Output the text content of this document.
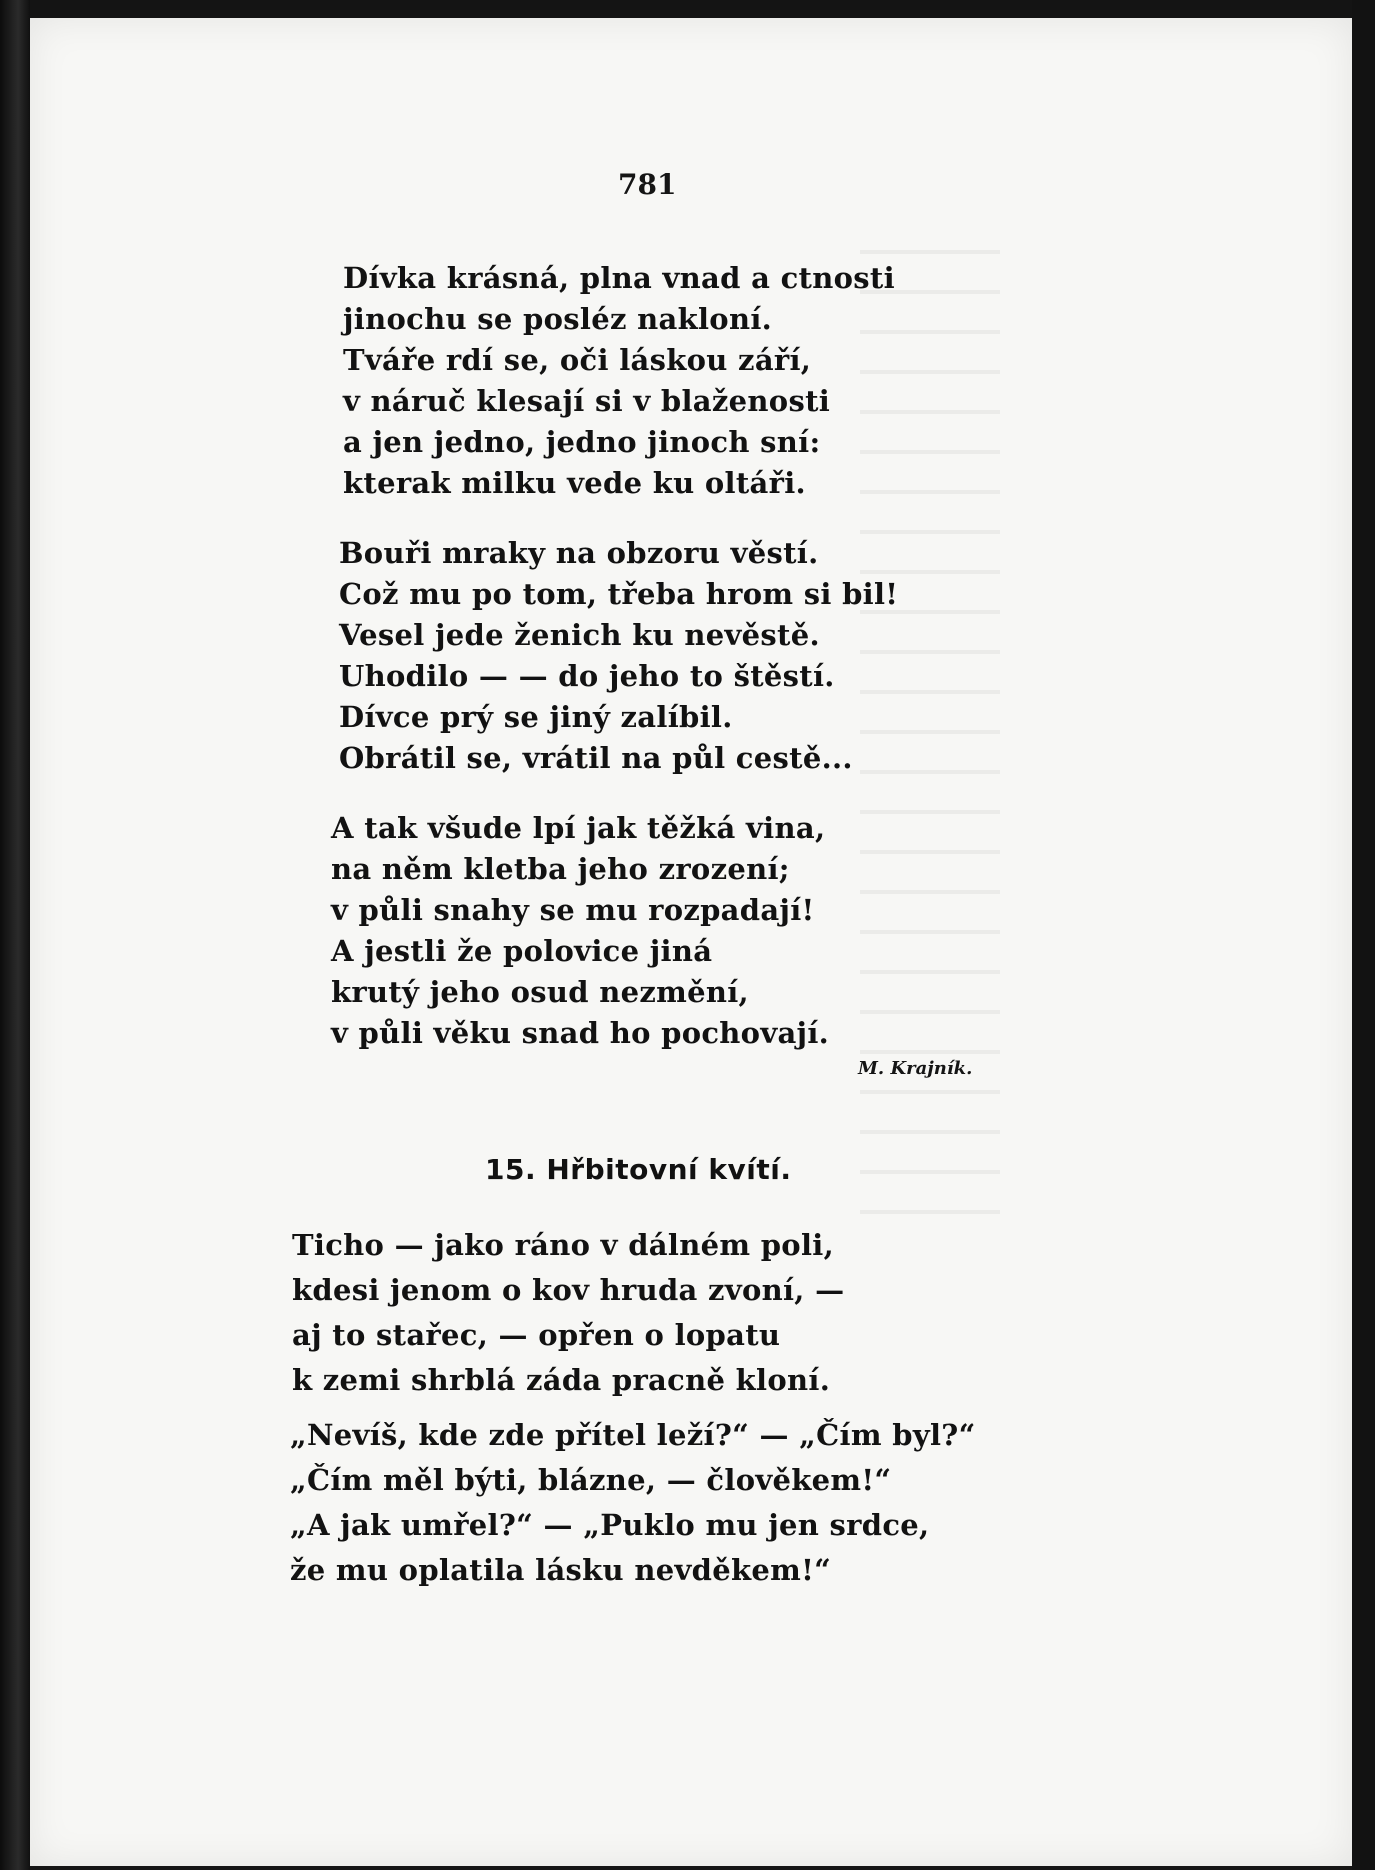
781
Dívka krásná, plna vnad a ctnosti
jinochu se posléz nakloní.
Tváře rdí se, oči láskou září,
v náruč klesají si v blaženosti
a jen jedno, jedno jinoch sní:
kterak milku vede ku oltáři.
Bouři mraky na obzoru věstí.
Což mu po tom, třeba hrom si bil!
Vesel jede ženich ku nevěstě.
Uhodilo — — do jeho to štěstí.
Dívce prý se jiný zalíbil.
Obrátil se, vrátil na půl cestě...
A tak všude lpí jak těžká vina,
na něm kletba jeho zrození;
v půli snahy se mu rozpadají!
A jestli že polovice jiná
krutý jeho osud nezmění,
v půli věku snad ho pochovají.
M. Krajník.
15. Hřbitovní kvítí.
Ticho — jako ráno v dálném poli,
kdesi jenom o kov hruda zvoní, —
aj to stařec, — opřen o lopatu
k zemi shrblá záda pracně kloní.
„Nevíš, kde zde přítel leží?“ — „Čím byl?“
„Čím měl býti, blázne, — člověkem!“
„A jak umřel?“ — „Puklo mu jen srdce,
že mu oplatila lásku nevděkem!“
